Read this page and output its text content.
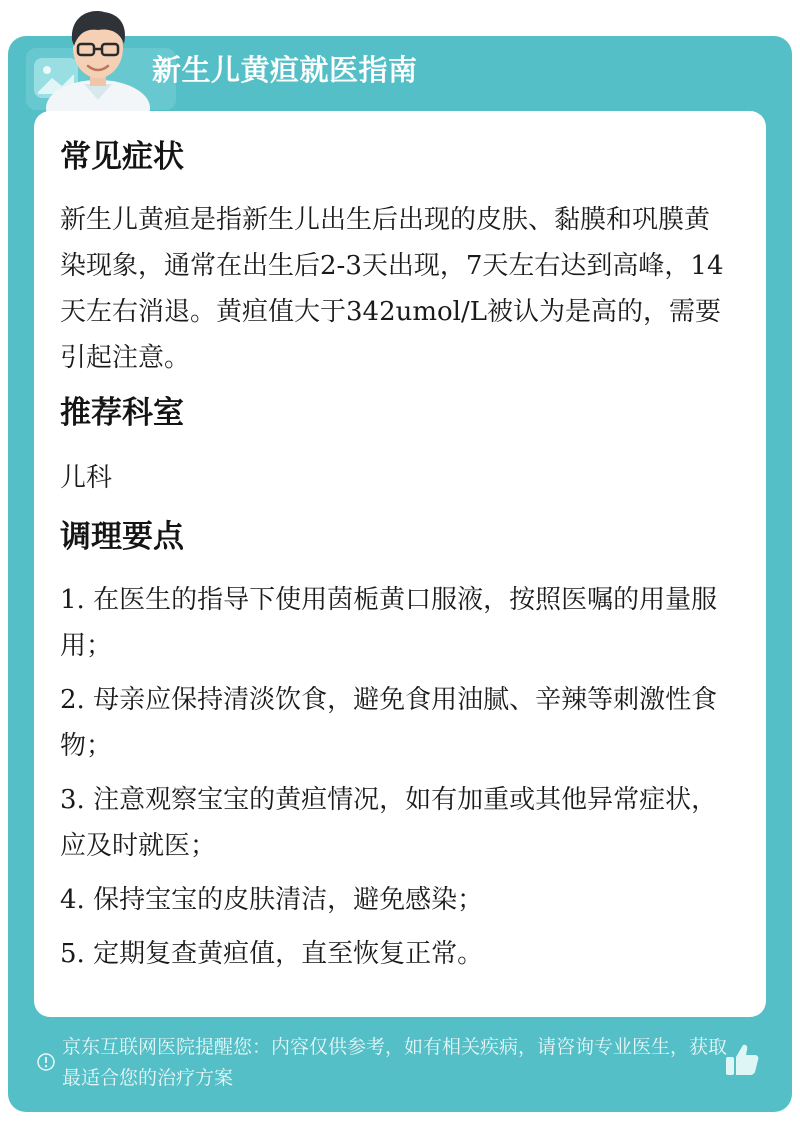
新生儿黄疸就医指南
常见症状

新生儿黄疸是指新生儿出生后出现的皮肤、黏膜和巩膜黄染现象，通常在出生后2-3天出现，7天左右达到高峰，14天左右消退。黄疸值大于342umol/L被认为是高的，需要引起注意。

推荐科室

儿科

调理要点
1. 在医生的指导下使用茵栀黄口服液，按照医嘱的用量服用；
2. 母亲应保持清淡饮食，避免食用油腻、辛辣等刺激性食物；
3. 注意观察宝宝的黄疸情况，如有加重或其他异常症状，应及时就医；
4. 保持宝宝的皮肤清洁，避免感染；
5. 定期复查黄疸值，直至恢复正常。
京东互联网医院提醒您：内容仅供参考，如有相关疾病，请咨询专业医生，获取最适合您的治疗方案
